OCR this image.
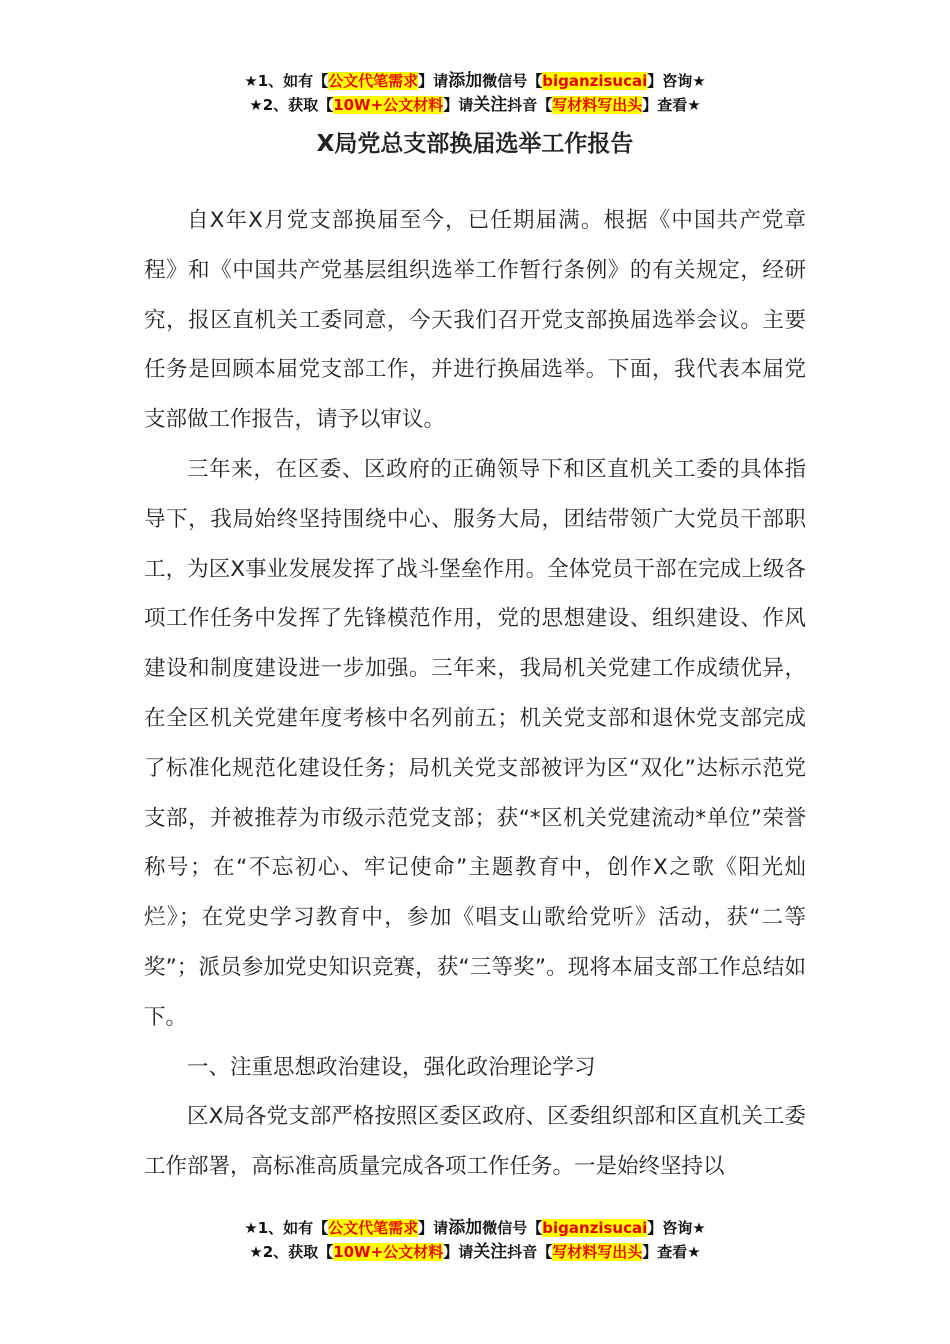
★1、如有【公文代笔需求】请添加微信号【biganzisucai】咨询★
★2、获取【10W+公文材料】请关注抖音【写材料写出头】查看★
X局党总支部换届选举工作报告

自X年X月党支部换届至今，已任期届满。根据《中国共产党章程》和《中国共产党基层组织选举工作暂行条例》的有关规定，经研究，报区直机关工委同意，今天我们召开党支部换届选举会议。主要任务是回顾本届党支部工作，并进行换届选举。下面，我代表本届党支部做工作报告，请予以审议。

三年来，在区委、区政府的正确领导下和区直机关工委的具体指导下，我局始终坚持围绕中心、服务大局，团结带领广大党员干部职工，为区X事业发展发挥了战斗堡垒作用。全体党员干部在完成上级各项工作任务中发挥了先锋模范作用，党的思想建设、组织建设、作风建设和制度建设进一步加强。三年来，我局机关党建工作成绩优异，在全区机关党建年度考核中名列前五；机关党支部和退休党支部完成了标准化规范化建设任务；局机关党支部被评为区“双化”达标示范党支部，并被推荐为市级示范党支部；获“*区机关党建流动*单位”荣誉称号；在“不忘初心、牢记使命”主题教育中，创作X之歌《阳光灿烂》；在党史学习教育中，参加《唱支山歌给党听》活动，获“二等奖”；派员参加党史知识竞赛，获“三等奖”。现将本届支部工作总结如下。

一、注重思想政治建设，强化政治理论学习

区X局各党支部严格按照区委区政府、区委组织部和区直机关工委工作部署，高标准高质量完成各项工作任务。一是始终坚持以

★1、如有【公文代笔需求】请添加微信号【biganzisucai】咨询★
★2、获取【10W+公文材料】请关注抖音【写材料写出头】查看★
